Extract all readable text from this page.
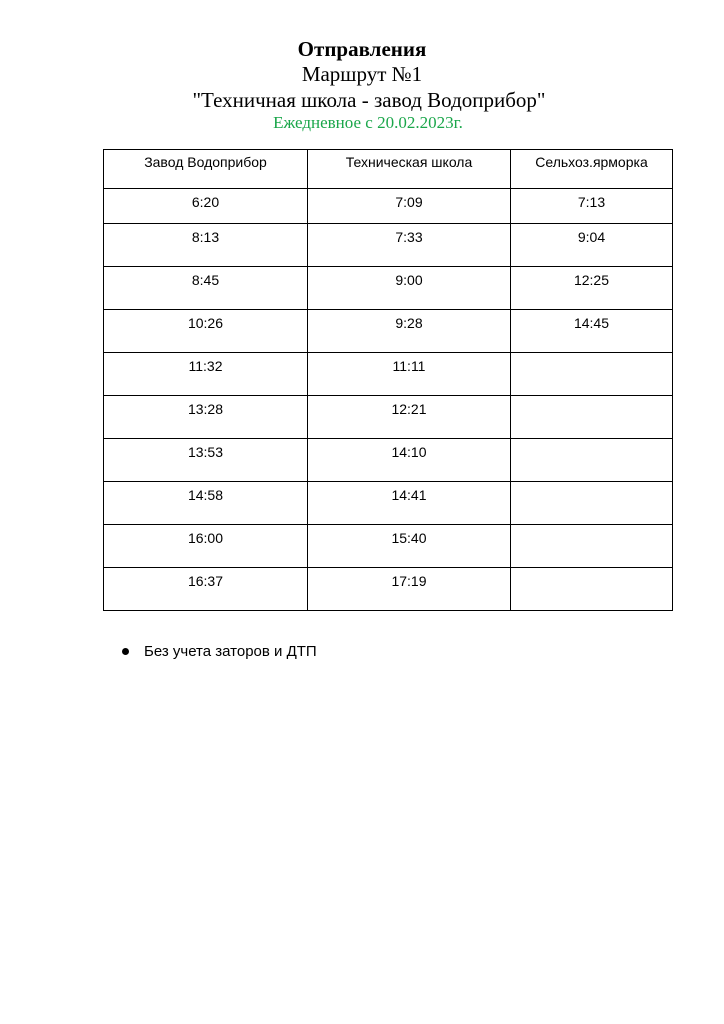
Отправления
Маршрут №1
"Техничная школа - завод Водоприбор"
Ежедневное с 20.02.2023г.
Завод Водоприбор	Техническая школа	Сельхоз.ярморка
6:20	7:09	7:13
8:13	7:33	9:04
8:45	9:00	12:25
10:26	9:28	14:45
11:32	11:11	
13:28	12:21	
13:53	14:10	
14:58	14:41	
16:00	15:40	
16:37	17:19	
Без учета заторов и ДТП
